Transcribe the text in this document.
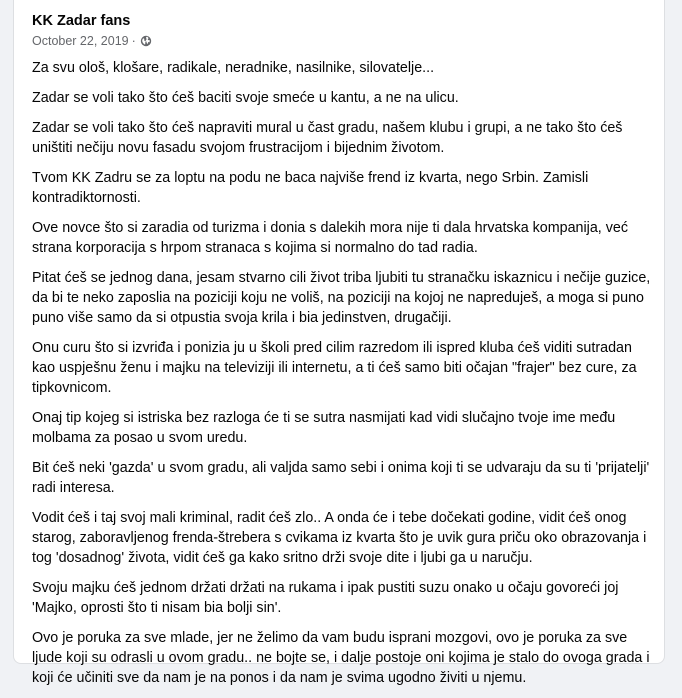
KK Zadar fans
October 22, 2019 ·

Za svu ološ, klošare, radikale, neradnike, nasilnike, silovatelje...

Zadar se voli tako što ćeš baciti svoje smeće u kantu, a ne na ulicu.

Zadar se voli tako što ćeš napraviti mural u čast gradu, našem klubu i grupi, a ne tako što ćeš uništiti nečiju novu fasadu svojom frustracijom i bijednim životom.

Tvom KK Zadru se za loptu na podu ne baca najviše frend iz kvarta, nego Srbin. Zamisli kontradiktornosti.

Ove novce što si zaradia od turizma i donia s dalekih mora nije ti dala hrvatska kompanija, već strana korporacija s hrpom stranaca s kojima si normalno do tad radia.

Pitat ćeš se jednog dana, jesam stvarno cili život triba ljubiti tu stranačku iskaznicu i nečije guzice, da bi te neko zaposlia na poziciji koju ne voliš, na poziciji na kojoj ne napreduješ, a moga si puno puno više samo da si otpustia svoja krila i bia jedinstven, drugačiji.

Onu curu što si izvriđa i ponizia ju u školi pred cilim razredom ili ispred kluba ćeš viditi sutradan kao uspješnu ženu i majku na televiziji ili internetu, a ti ćeš samo biti očajan "frajer" bez cure, za tipkovnicom.

Onaj tip kojeg si istriska bez razloga će ti se sutra nasmijati kad vidi slučajno tvoje ime među molbama za posao u svom uredu.

Bit ćeš neki 'gazda' u svom gradu, ali valjda samo sebi i onima koji ti se udvaraju da su ti 'prijatelji' radi interesa.

Vodit ćeš i taj svoj mali kriminal, radit ćeš zlo.. A onda će i tebe dočekati godine, vidit ćeš onog starog, zaboravljenog frenda-štrebera s cvikama iz kvarta što je uvik gura priču oko obrazovanja i tog 'dosadnog' života, vidit ćeš ga kako sritno drži svoje dite i ljubi ga u naručju.

Svoju majku ćeš jednom držati držati na rukama i ipak pustiti suzu onako u očaju govoreći joj 'Majko, oprosti što ti nisam bia bolji sin'.

Ovo je poruka za sve mlade, jer ne želimo da vam budu isprani mozgovi, ovo je poruka za sve ljude koji su odrasli u ovom gradu.. ne bojte se, i dalje postoje oni kojima je stalo do ovoga grada i koji će učiniti sve da nam je na ponos i da nam je svima ugodno živiti u njemu.
